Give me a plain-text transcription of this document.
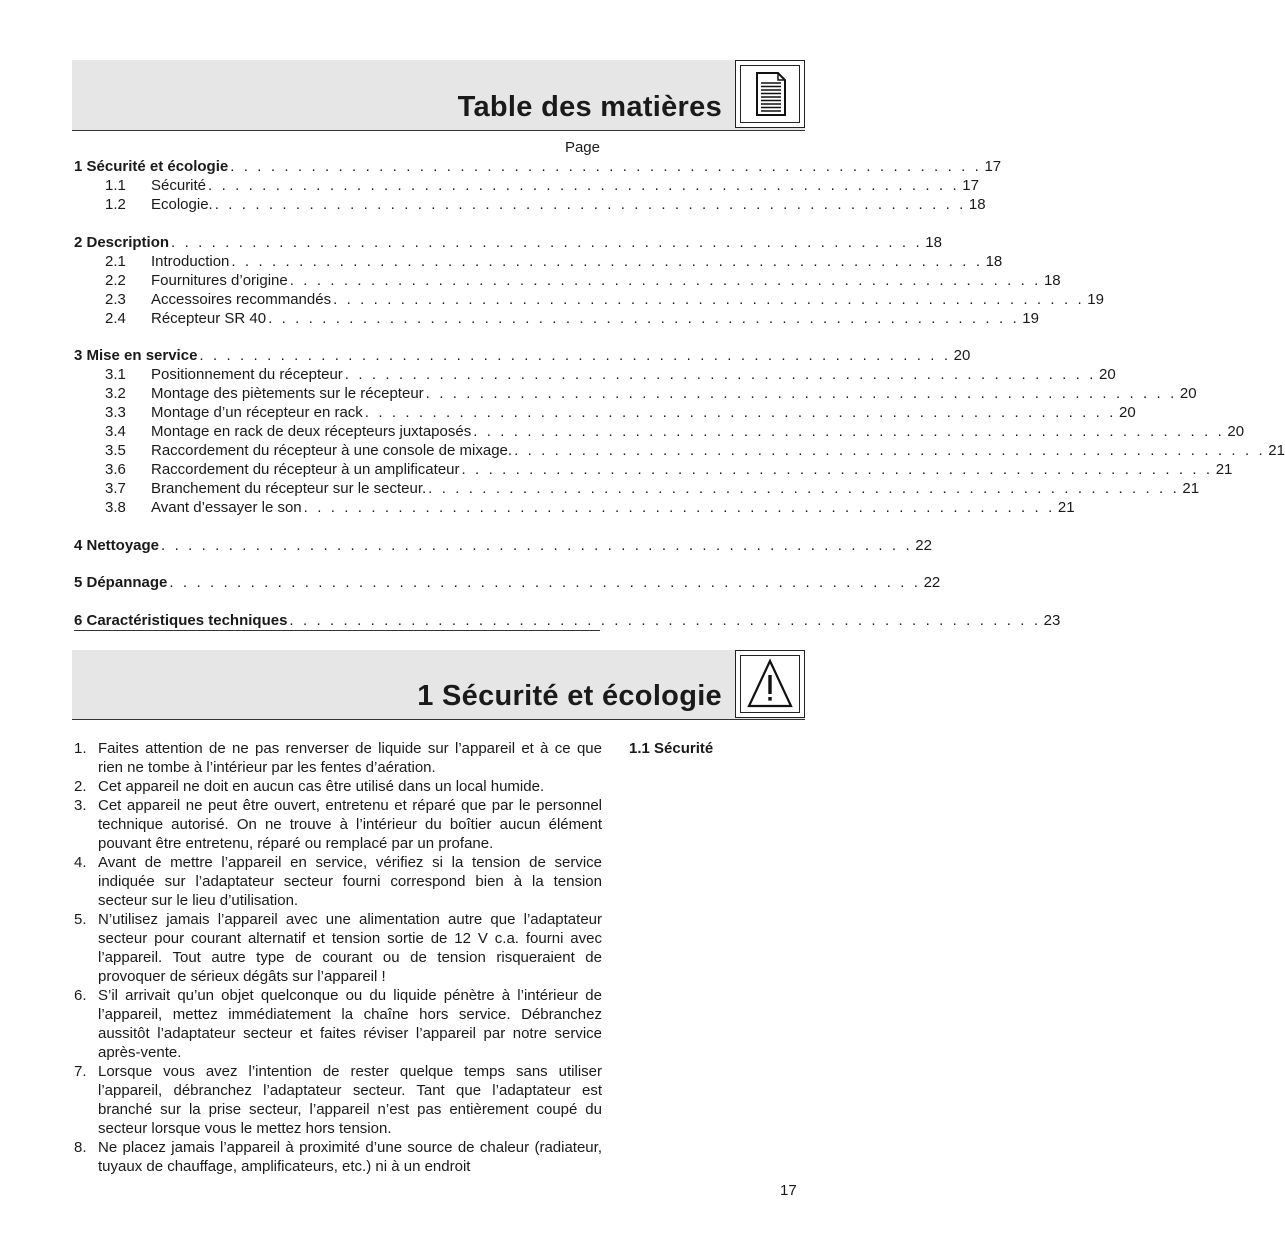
Table des matières
Page
1 Sécurité et écologie . . . . . . . . . . . . . . . . . . . . . . . . . . . . . . . . . . . . . . . . . . . . . . . . . . . . . . . . 17
1.1	Sécurité . . . . . . . . . . . . . . . . . . . . . . . . . . . . . . . . . . . . . . . . . . . . . . . . . . . . . . . . 17
1.2	Ecologie. . . . . . . . . . . . . . . . . . . . . . . . . . . . . . . . . . . . . . . . . . . . . . . . . . . . . . . . . 18
2 Description . . . . . . . . . . . . . . . . . . . . . . . . . . . . . . . . . . . . . . . . . . . . . . . . . . . . . . . . 18
2.1	Introduction . . . . . . . . . . . . . . . . . . . . . . . . . . . . . . . . . . . . . . . . . . . . . . . . . . . . . . . . 18
2.2	Fournitures d’origine . . . . . . . . . . . . . . . . . . . . . . . . . . . . . . . . . . . . . . . . . . . . . . . . . . . . . . . . 18
2.3	Accessoires recommandés . . . . . . . . . . . . . . . . . . . . . . . . . . . . . . . . . . . . . . . . . . . . . . . . . . . . . . . . 19
2.4	Récepteur SR 40 . . . . . . . . . . . . . . . . . . . . . . . . . . . . . . . . . . . . . . . . . . . . . . . . . . . . . . . . 19
3 Mise en service . . . . . . . . . . . . . . . . . . . . . . . . . . . . . . . . . . . . . . . . . . . . . . . . . . . . . . . . 20
3.1	Positionnement du récepteur . . . . . . . . . . . . . . . . . . . . . . . . . . . . . . . . . . . . . . . . . . . . . . . . . . . . . . . . 20
3.2	Montage des piètements sur le récepteur . . . . . . . . . . . . . . . . . . . . . . . . . . . . . . . . . . . . . . . . . . . . . . . . . . . . . . . . 20
3.3	Montage d’un récepteur en rack . . . . . . . . . . . . . . . . . . . . . . . . . . . . . . . . . . . . . . . . . . . . . . . . . . . . . . . . 20
3.4	Montage en rack de deux récepteurs juxtaposés . . . . . . . . . . . . . . . . . . . . . . . . . . . . . . . . . . . . . . . . . . . . . . . . . . . . . . . . 20
3.5	Raccordement du récepteur à une console de mixage. . . . . . . . . . . . . . . . . . . . . . . . . . . . . . . . . . . . . . . . . . . . . . . . . . . . . . . . . 21
3.6	Raccordement du récepteur à un amplificateur . . . . . . . . . . . . . . . . . . . . . . . . . . . . . . . . . . . . . . . . . . . . . . . . . . . . . . . . 21
3.7	Branchement du récepteur sur le secteur. . . . . . . . . . . . . . . . . . . . . . . . . . . . . . . . . . . . . . . . . . . . . . . . . . . . . . . . . 21
3.8	Avant d’essayer le son . . . . . . . . . . . . . . . . . . . . . . . . . . . . . . . . . . . . . . . . . . . . . . . . . . . . . . . . 21
4 Nettoyage . . . . . . . . . . . . . . . . . . . . . . . . . . . . . . . . . . . . . . . . . . . . . . . . . . . . . . . . 22
5 Dépannage . . . . . . . . . . . . . . . . . . . . . . . . . . . . . . . . . . . . . . . . . . . . . . . . . . . . . . . . 22
6 Caractéristiques techniques . . . . . . . . . . . . . . . . . . . . . . . . . . . . . . . . . . . . . . . . . . . . . . . . . . . . . . . . 23
1 Sécurité et écologie
1. Faites attention de ne pas renverser de liquide sur l’appareil et à ce que rien ne tombe à l’intérieur par les fentes d’aération.
2. Cet appareil ne doit en aucun cas être utilisé dans un local humide.
3. Cet appareil ne peut être ouvert, entretenu et réparé que par le personnel technique autorisé. On ne trouve à l’intérieur du boîtier aucun élément pouvant être entretenu, réparé ou remplacé par un profane.
4. Avant de mettre l’appareil en service, vérifiez si la tension de service indiquée sur l’adaptateur secteur fourni correspond bien à la tension secteur sur le lieu d’utilisation.
5. N’utilisez jamais l’appareil avec une alimentation autre que l’adaptateur secteur pour courant alternatif et tension sortie de 12 V c.a. fourni avec l’appareil. Tout autre type de courant ou de tension risqueraient de provoquer de sérieux dégâts sur l’appareil !
6. S’il arrivait qu’un objet quelconque ou du liquide pénètre à l’intérieur de l’appareil, mettez immédiatement la chaîne hors service. Débranchez aussitôt l’adaptateur secteur et faites réviser l’appareil par notre service après-vente.
7. Lorsque vous avez l’intention de rester quelque temps sans utiliser l’appareil, débranchez l’adaptateur secteur. Tant que l’adaptateur est branché sur la prise secteur, l’appareil n’est pas entièrement coupé du secteur lorsque vous le mettez hors tension.
8. Ne placez jamais l’appareil à proximité d’une source de chaleur (radiateur, tuyaux de chauffage, amplificateurs, etc.) ni à un endroit
1.1 Sécurité
17
